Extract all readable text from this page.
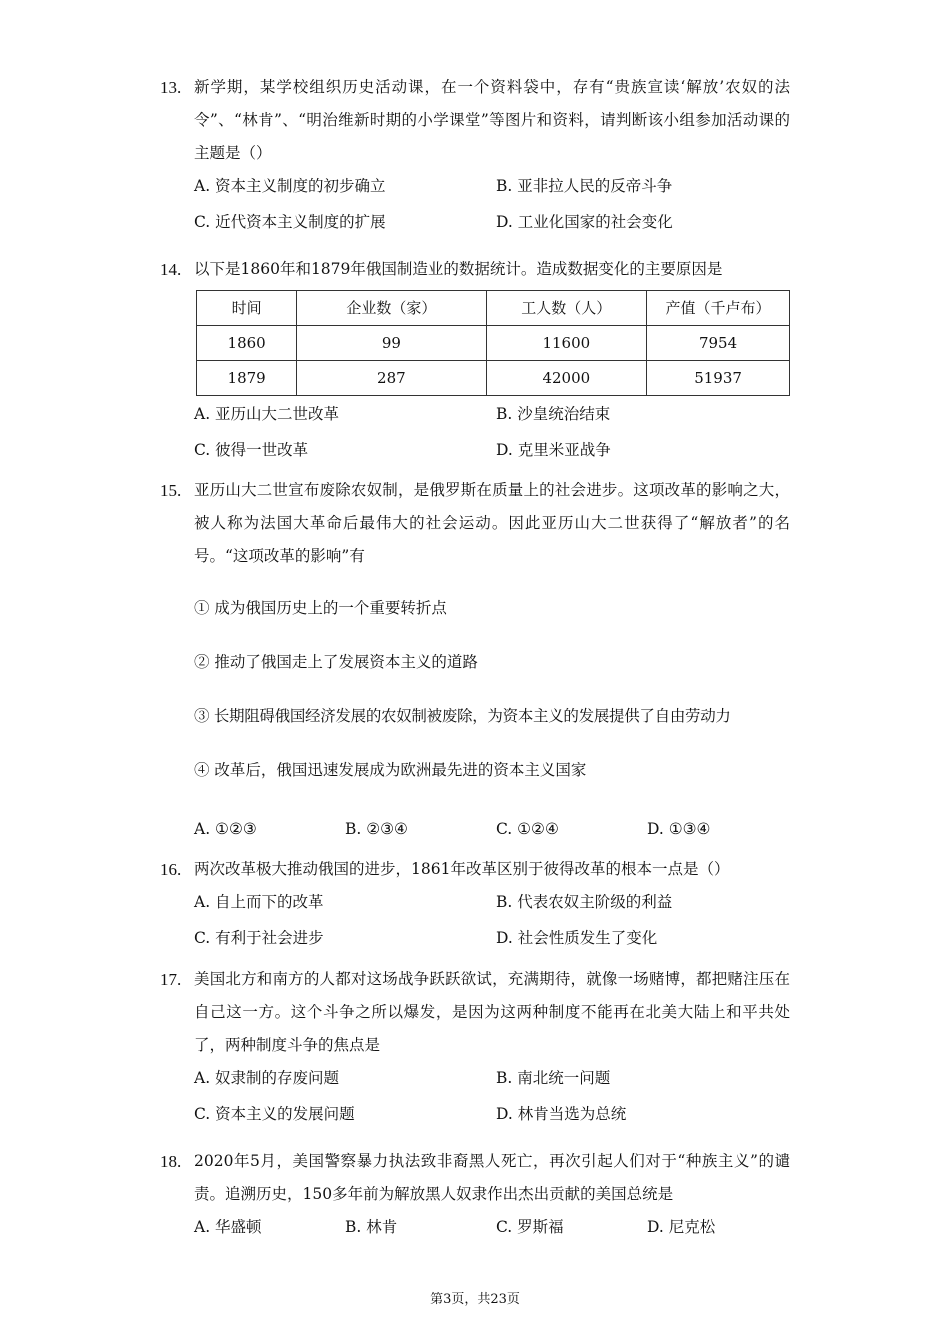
13. 新学期，某学校组织历史活动课，在一个资料袋中，存有“贵族宣读‘解放’农奴的法令”、“林肯”、“明治维新时期的小学课堂”等图片和资料，请判断该小组参加活动课的主题是（）
A. 资本主义制度的初步确立	B. 亚非拉人民的反帝斗争
C. 近代资本主义制度的扩展	D. 工业化国家的社会变化
14. 以下是1860年和1879年俄国制造业的数据统计。造成数据变化的主要原因是
时间	企业数（家）	工人数（人）	产值（千卢布）
1860	99	11600	7954
1879	287	42000	51937
A. 亚历山大二世改革	B. 沙皇统治结束
C. 彼得一世改革	D. 克里米亚战争
15. 亚历山大二世宣布废除农奴制，是俄罗斯在质量上的社会进步。这项改革的影响之大，被人称为法国大革命后最伟大的社会运动。因此亚历山大二世获得了“解放者”的名号。“这项改革的影响”有
① 成为俄国历史上的一个重要转折点
② 推动了俄国走上了发展资本主义的道路
③ 长期阻碍俄国经济发展的农奴制被废除，为资本主义的发展提供了自由劳动力
④ 改革后，俄国迅速发展成为欧洲最先进的资本主义国家
A. ①②③	B. ②③④	C. ①②④	D. ①③④
16. 两次改革极大推动俄国的进步，1861年改革区别于彼得改革的根本一点是（）
A. 自上而下的改革	B. 代表农奴主阶级的利益
C. 有利于社会进步	D. 社会性质发生了变化
17. 美国北方和南方的人都对这场战争跃跃欲试，充满期待，就像一场赌博，都把赌注压在自己这一方。这个斗争之所以爆发，是因为这两种制度不能再在北美大陆上和平共处了，两种制度斗争的焦点是
A. 奴隶制的存废问题	B. 南北统一问题
C. 资本主义的发展问题	D. 林肯当选为总统
18. 2020年5月，美国警察暴力执法致非裔黑人死亡，再次引起人们对于“种族主义”的谴责。追溯历史，150多年前为解放黑人奴隶作出杰出贡献的美国总统是
A. 华盛顿	B. 林肯	C. 罗斯福	D. 尼克松
第3页，共23页
